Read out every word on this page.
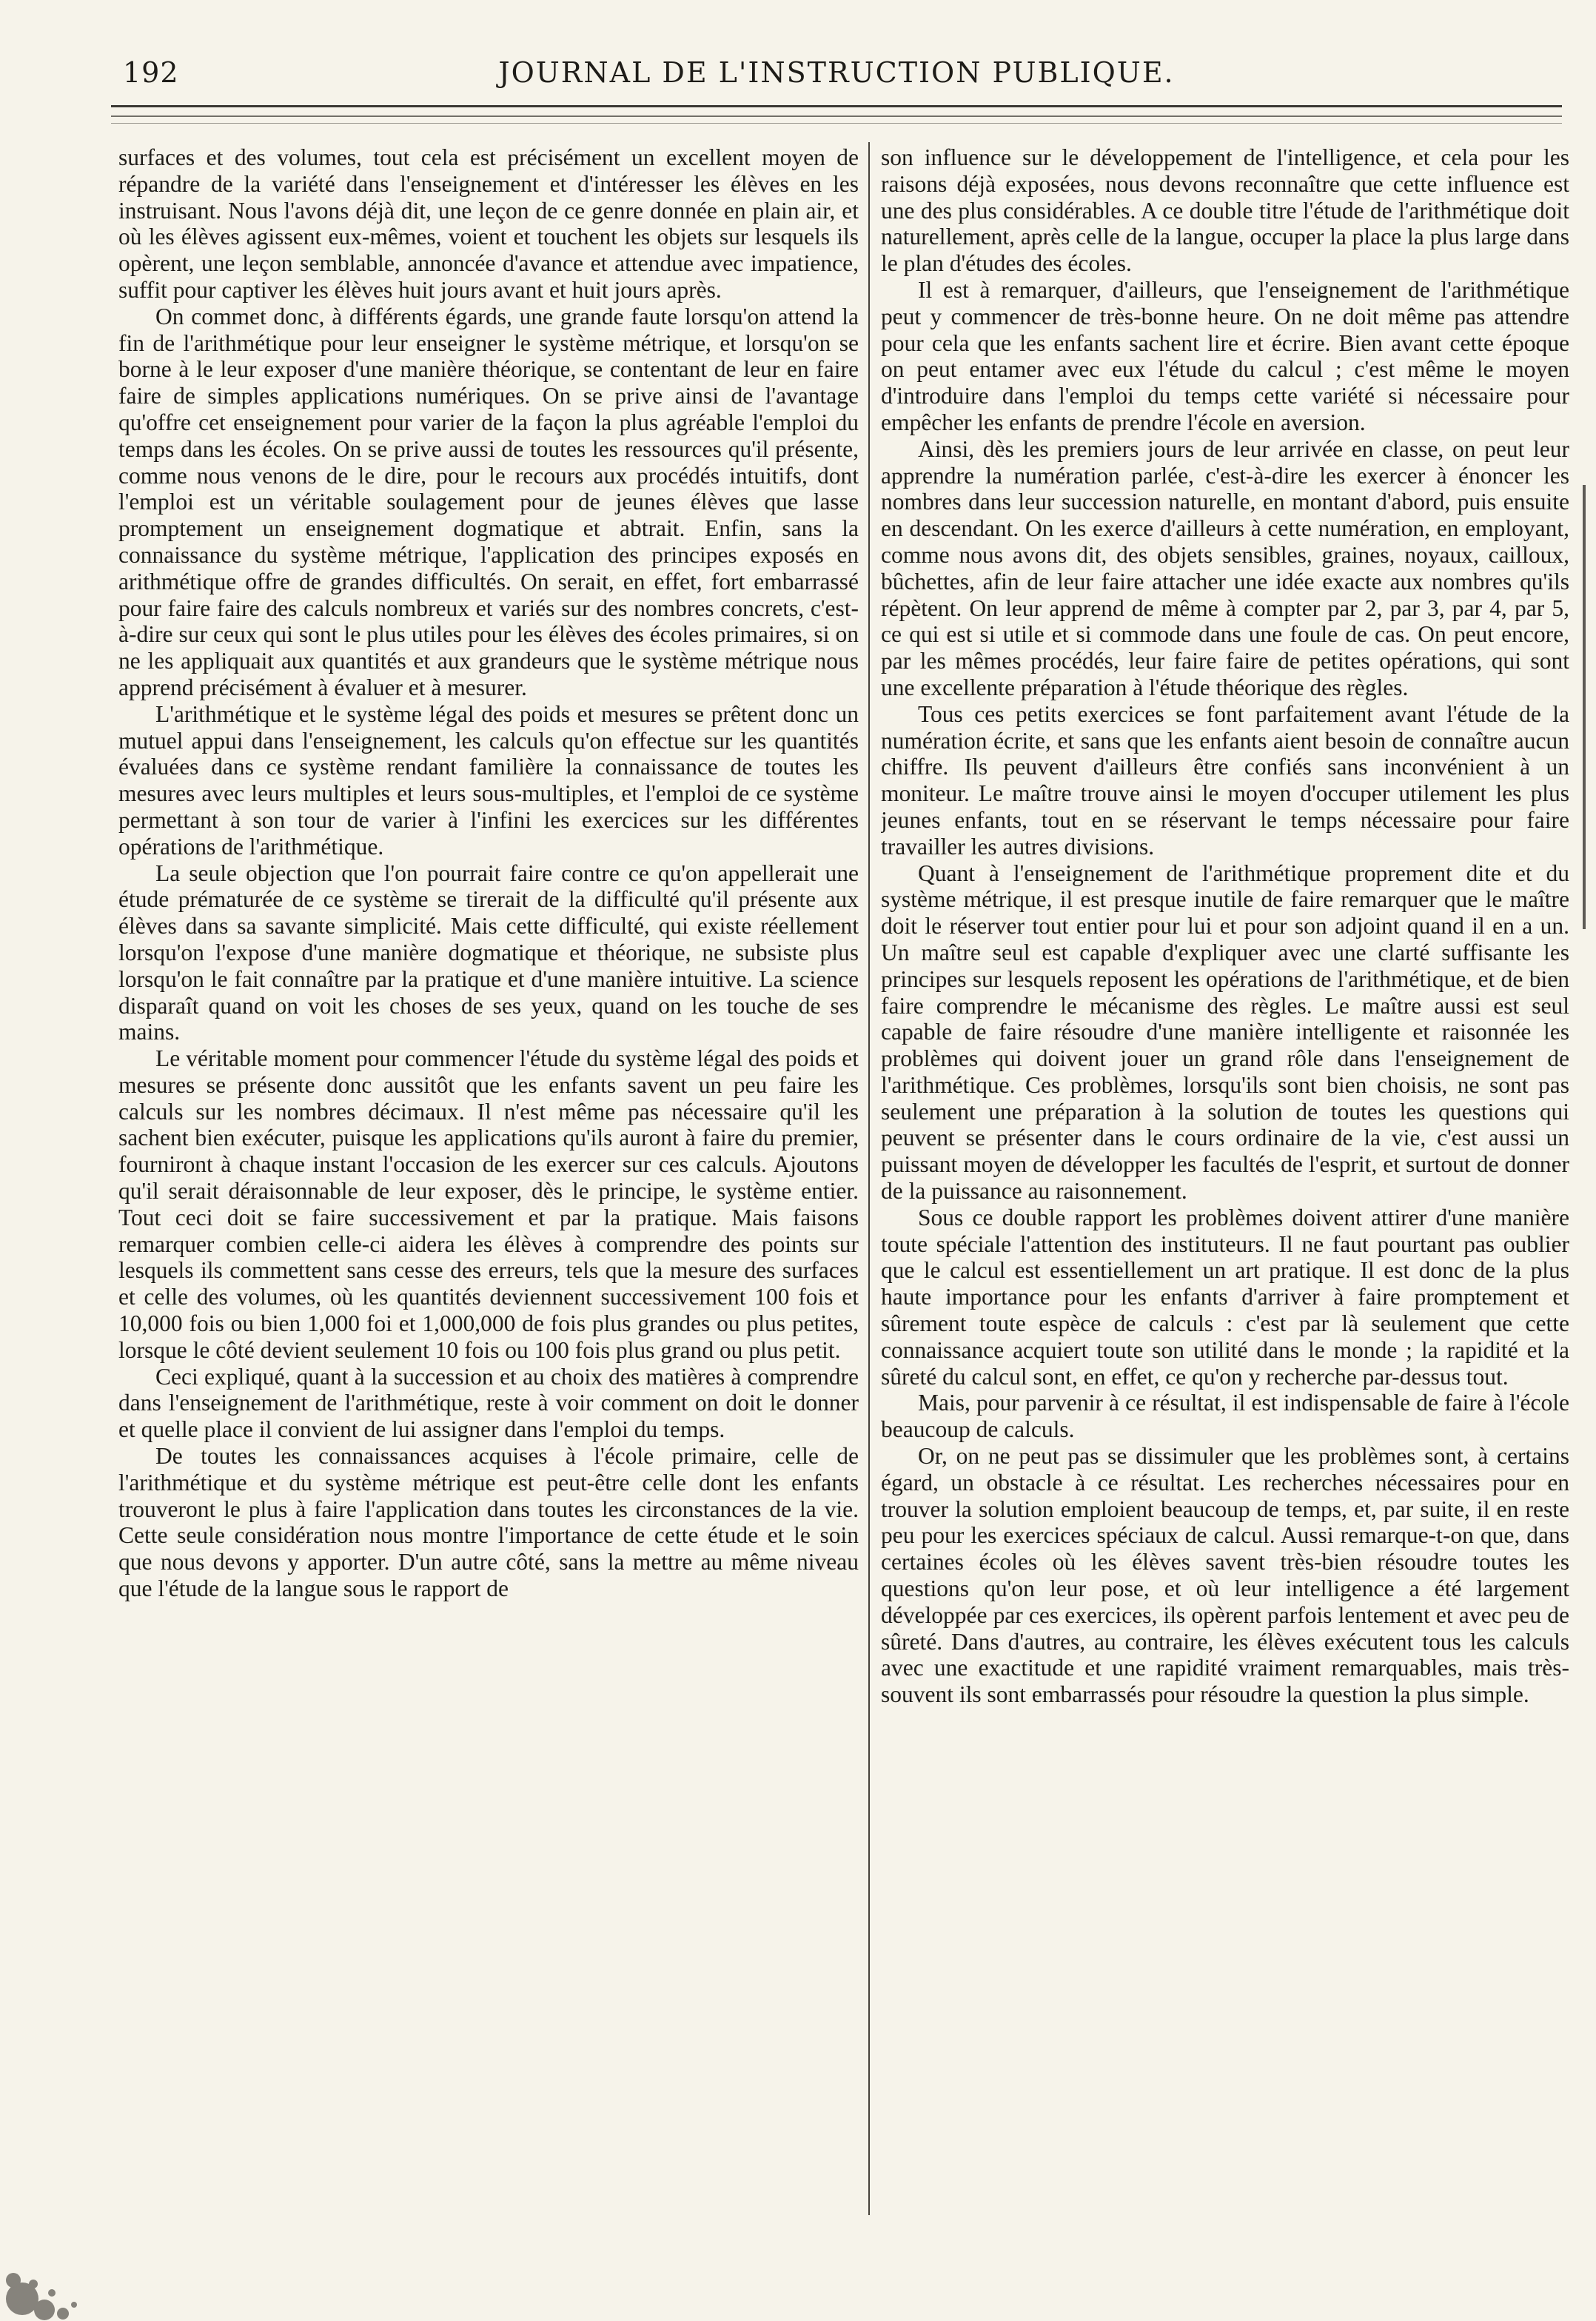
192	JOURNAL DE L'INSTRUCTION PUBLIQUE.

surfaces et des volumes, tout cela est précisément un excellent moyen de répandre de la variété dans l'enseignement et d'intéresser les élèves en les instruisant. Nous l'avons déjà dit, une leçon de ce genre donnée en plain air, et où les élèves agissent eux-mêmes, voient et touchent les objets sur lesquels ils opèrent, une leçon semblable, annoncée d'avance et attendue avec impatience, suffit pour captiver les élèves huit jours avant et huit jours après.

On commet donc, à différents égards, une grande faute lorsqu'on attend la fin de l'arithmétique pour leur enseigner le système métrique, et lorsqu'on se borne à le leur exposer d'une manière théorique, se contentant de leur en faire faire de simples applications numériques. On se prive ainsi de l'avantage qu'offre cet enseignement pour varier de la façon la plus agréable l'emploi du temps dans les écoles. On se prive aussi de toutes les ressources qu'il présente, comme nous venons de le dire, pour le recours aux procédés intuitifs, dont l'emploi est un véritable soulagement pour de jeunes élèves que lasse promptement un enseignement dogmatique et abtrait. Enfin, sans la connaissance du système métrique, l'application des principes exposés en arithmétique offre de grandes difficultés. On serait, en effet, fort embarrassé pour faire faire des calculs nombreux et variés sur des nombres concrets, c'est-à-dire sur ceux qui sont le plus utiles pour les élèves des écoles primaires, si on ne les appliquait aux quantités et aux grandeurs que le système métrique nous apprend précisément à évaluer et à mesurer.

L'arithmétique et le système légal des poids et mesures se prêtent donc un mutuel appui dans l'enseignement, les calculs qu'on effectue sur les quantités évaluées dans ce système rendant familière la connaissance de toutes les mesures avec leurs multiples et leurs sous-multiples, et l'emploi de ce système permettant à son tour de varier à l'infini les exercices sur les différentes opérations de l'arithmétique.

La seule objection que l'on pourrait faire contre ce qu'on appellerait une étude prématurée de ce système se tirerait de la difficulté qu'il présente aux élèves dans sa savante simplicité. Mais cette difficulté, qui existe réellement lorsqu'on l'expose d'une manière dogmatique et théorique, ne subsiste plus lorsqu'on le fait connaître par la pratique et d'une manière intuitive. La science disparaît quand on voit les choses de ses yeux, quand on les touche de ses mains.

Le véritable moment pour commencer l'étude du système légal des poids et mesures se présente donc aussitôt que les enfants savent un peu faire les calculs sur les nombres décimaux. Il n'est même pas nécessaire qu'il les sachent bien exécuter, puisque les applications qu'ils auront à faire du premier, fourniront à chaque instant l'occasion de les exercer sur ces calculs. Ajoutons qu'il serait déraisonnable de leur exposer, dès le principe, le système entier. Tout ceci doit se faire successivement et par la pratique. Mais faisons remarquer combien celle-ci aidera les élèves à comprendre des points sur lesquels ils commettent sans cesse des erreurs, tels que la mesure des surfaces et celle des volumes, où les quantités deviennent successivement 100 fois et 10,000 fois ou bien 1,000 foi et 1,000,000 de fois plus grandes ou plus petites, lorsque le côté devient seulement 10 fois ou 100 fois plus grand ou plus petit.

Ceci expliqué, quant à la succession et au choix des matières à comprendre dans l'enseignement de l'arithmétique, reste à voir comment on doit le donner et quelle place il convient de lui assigner dans l'emploi du temps.

De toutes les connaissances acquises à l'école primaire, celle de l'arithmétique et du système métrique est peut-être celle dont les enfants trouveront le plus à faire l'application dans toutes les circonstances de la vie. Cette seule considération nous montre l'importance de cette étude et le soin que nous devons y apporter. D'un autre côté, sans la mettre au même niveau que l'étude de la langue sous le rapport de

son influence sur le développement de l'intelligence, et cela pour les raisons déjà exposées, nous devons reconnaître que cette influence est une des plus considérables. A ce double titre l'étude de l'arithmétique doit naturellement, après celle de la langue, occuper la place la plus large dans le plan d'études des écoles.

Il est à remarquer, d'ailleurs, que l'enseignement de l'arithmétique peut y commencer de très-bonne heure. On ne doit même pas attendre pour cela que les enfants sachent lire et écrire. Bien avant cette époque on peut entamer avec eux l'étude du calcul ; c'est même le moyen d'introduire dans l'emploi du temps cette variété si nécessaire pour empêcher les enfants de prendre l'école en aversion.

Ainsi, dès les premiers jours de leur arrivée en classe, on peut leur apprendre la numération parlée, c'est-à-dire les exercer à énoncer les nombres dans leur succession naturelle, en montant d'abord, puis ensuite en descendant. On les exerce d'ailleurs à cette numération, en employant, comme nous avons dit, des objets sensibles, graines, noyaux, cailloux, bûchettes, afin de leur faire attacher une idée exacte aux nombres qu'ils répètent. On leur apprend de même à compter par 2, par 3, par 4, par 5, ce qui est si utile et si commode dans une foule de cas. On peut encore, par les mêmes procédés, leur faire faire de petites opérations, qui sont une excellente préparation à l'étude théorique des règles.

Tous ces petits exercices se font parfaitement avant l'étude de la numération écrite, et sans que les enfants aient besoin de connaître aucun chiffre. Ils peuvent d'ailleurs être confiés sans inconvénient à un moniteur. Le maître trouve ainsi le moyen d'occuper utilement les plus jeunes enfants, tout en se réservant le temps nécessaire pour faire travailler les autres divisions.

Quant à l'enseignement de l'arithmétique proprement dite et du système métrique, il est presque inutile de faire remarquer que le maître doit le réserver tout entier pour lui et pour son adjoint quand il en a un. Un maître seul est capable d'expliquer avec une clarté suffisante les principes sur lesquels reposent les opérations de l'arithmétique, et de bien faire comprendre le mécanisme des règles. Le maître aussi est seul capable de faire résoudre d'une manière intelligente et raisonnée les problèmes qui doivent jouer un grand rôle dans l'enseignement de l'arithmétique. Ces problèmes, lorsqu'ils sont bien choisis, ne sont pas seulement une préparation à la solution de toutes les questions qui peuvent se présenter dans le cours ordinaire de la vie, c'est aussi un puissant moyen de développer les facultés de l'esprit, et surtout de donner de la puissance au raisonnement.

Sous ce double rapport les problèmes doivent attirer d'une manière toute spéciale l'attention des instituteurs. Il ne faut pourtant pas oublier que le calcul est essentiellement un art pratique. Il est donc de la plus haute importance pour les enfants d'arriver à faire promptement et sûrement toute espèce de calculs : c'est par là seulement que cette connaissance acquiert toute son utilité dans le monde ; la rapidité et la sûreté du calcul sont, en effet, ce qu'on y recherche par-dessus tout.

Mais, pour parvenir à ce résultat, il est indispensable de faire à l'école beaucoup de calculs.

Or, on ne peut pas se dissimuler que les problèmes sont, à certains égard, un obstacle à ce résultat. Les recherches nécessaires pour en trouver la solution emploient beaucoup de temps, et, par suite, il en reste peu pour les exercices spéciaux de calcul. Aussi remarque-t-on que, dans certaines écoles où les élèves savent très-bien résoudre toutes les questions qu'on leur pose, et où leur intelligence a été largement développée par ces exercices, ils opèrent parfois lentement et avec peu de sûreté. Dans d'autres, au contraire, les élèves exécutent tous les calculs avec une exactitude et une rapidité vraiment remarquables, mais très-souvent ils sont embarrassés pour résoudre la question la plus simple.
